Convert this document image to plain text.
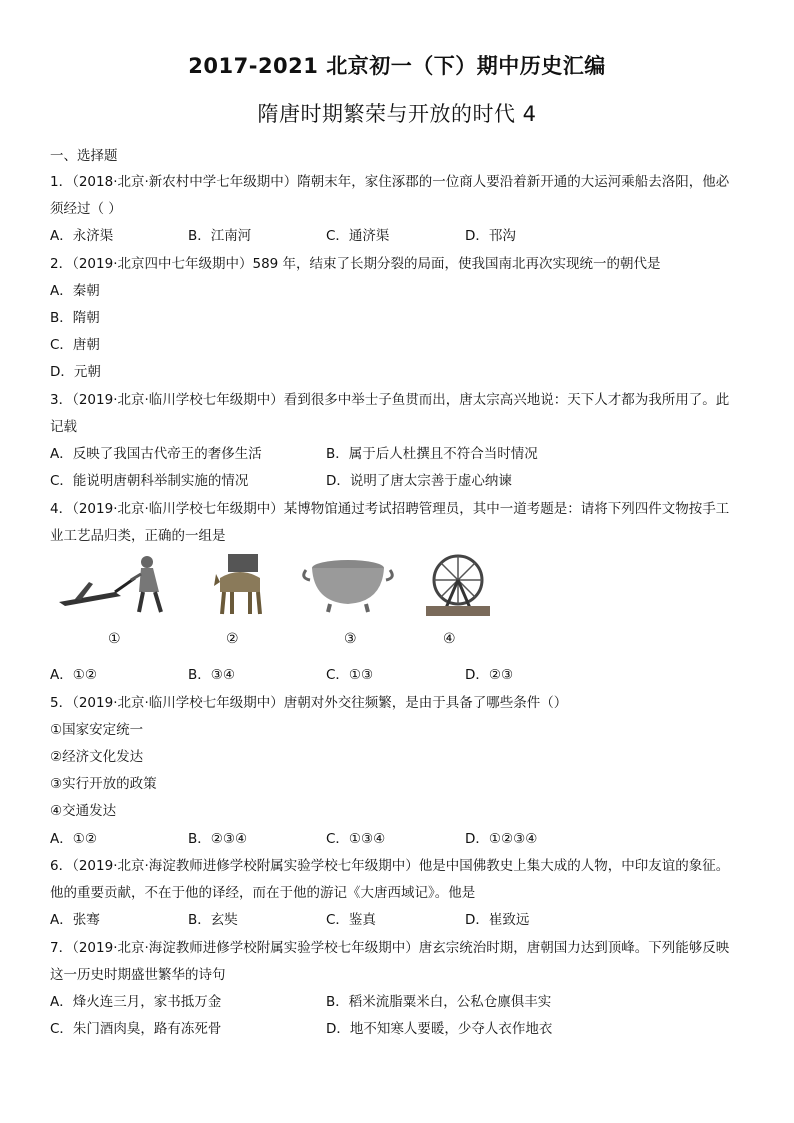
2017-2021 北京初一（下）期中历史汇编
隋唐时期繁荣与开放的时代 4
一、选择题
1．（2018·北京·新农村中学七年级期中）隋朝末年，家住涿郡的一位商人要沿着新开通的大运河乘船去洛阳，他必
须经过（ ）
A．永济渠	B．江南河	C．通济渠	D．邗沟
2．（2019·北京四中七年级期中）589 年，结束了长期分裂的局面，使我国南北再次实现统一的朝代是
A．秦朝
B．隋朝
C．唐朝
D．元朝
3．（2019·北京·临川学校七年级期中）看到很多中举士子鱼贯而出，唐太宗高兴地说：天下人才都为我所用了。此
记载
A．反映了我国古代帝王的奢侈生活	B．属于后人杜撰且不符合当时情况
C．能说明唐朝科举制实施的情况	D．说明了唐太宗善于虚心纳谏
4．（2019·北京·临川学校七年级期中）某博物馆通过考试招聘管理员，其中一道考题是：请将下列四件文物按手工
业工艺品归类，正确的一组是
①	②	③	④
A．①②	B．③④	C．①③	D．②③
5．（2019·北京·临川学校七年级期中）唐朝对外交往频繁，是由于具备了哪些条件（）
①国家安定统一
②经济文化发达
③实行开放的政策
④交通发达
A．①②	B．②③④	C．①③④	D．①②③④
6．（2019·北京·海淀教师进修学校附属实验学校七年级期中）他是中国佛教史上集大成的人物，中印友谊的象征。
他的重要贡献，不在于他的译经，而在于他的游记《大唐西域记》。他是
A．张骞	B．玄奘	C．鉴真	D．崔致远
7．（2019·北京·海淀教师进修学校附属实验学校七年级期中）唐玄宗统治时期，唐朝国力达到顶峰。下列能够反映
这一历史时期盛世繁华的诗句
A．烽火连三月，家书抵万金	B．稻米流脂粟米白，公私仓廪俱丰实
C．朱门酒肉臭，路有冻死骨	D．地不知寒人要暖，少夺人衣作地衣
